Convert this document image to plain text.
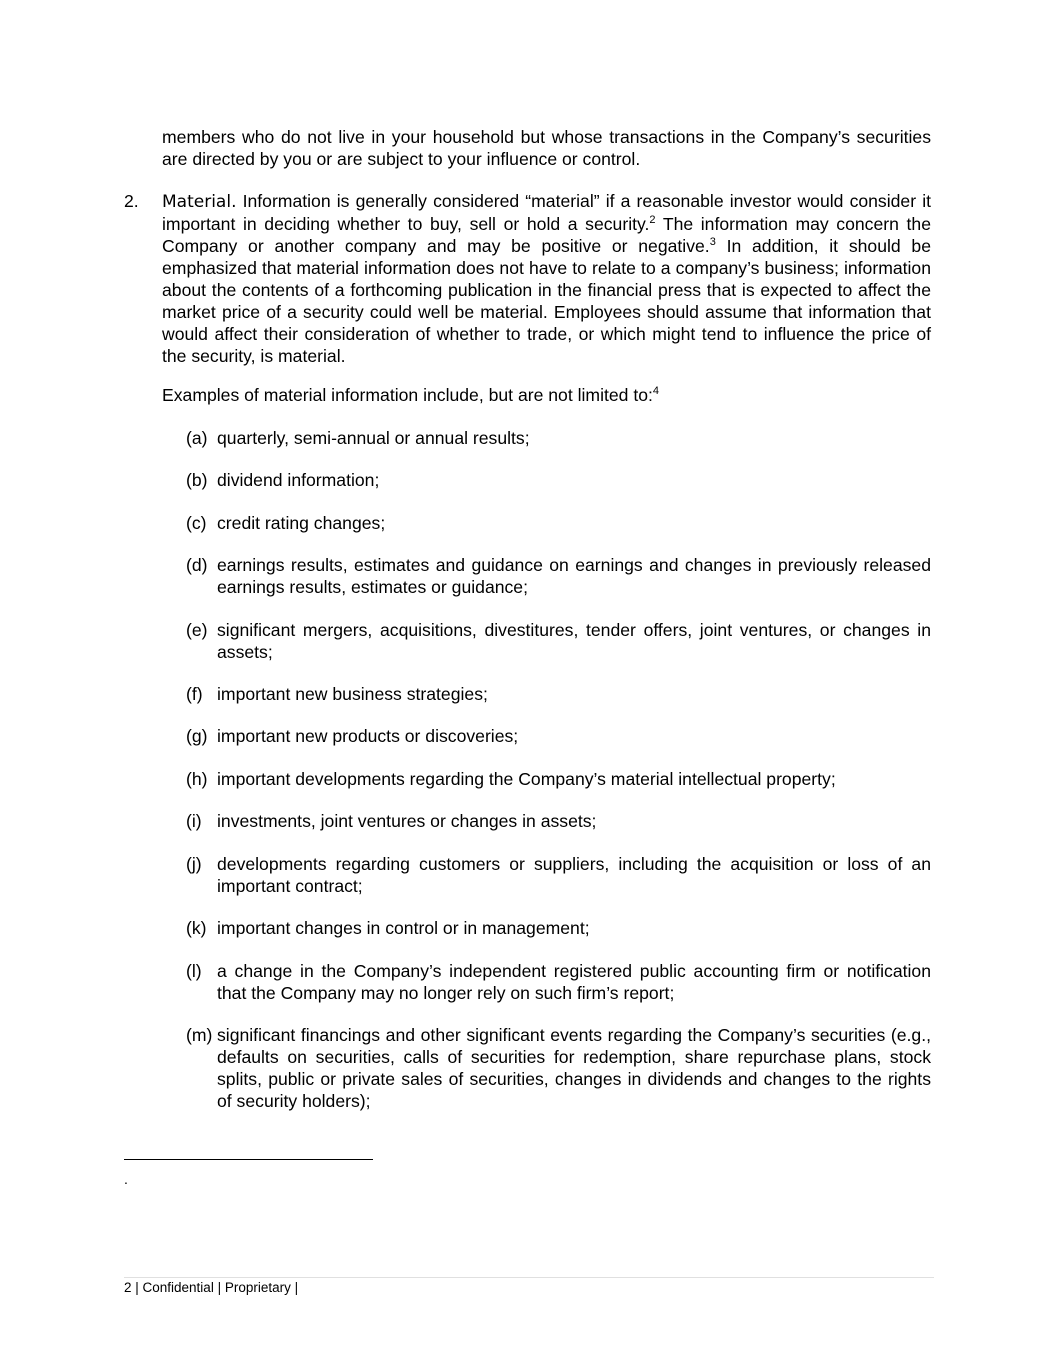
members who do not live in your household but whose transactions in the Company’s securities are directed by you or are subject to your influence or control.

2. Material. Information is generally considered “material” if a reasonable investor would consider it important in deciding whether to buy, sell or hold a security.$^2$ The information may concern the Company or another company and may be positive or negative.$^3$ In addition, it should be emphasized that material information does not have to relate to a company’s business; information about the contents of a forthcoming publication in the financial press that is expected to affect the market price of a security could well be material. Employees should assume that information that would affect their consideration of whether to trade, or which might tend to influence the price of the security, is material.

Examples of material information include, but are not limited to:$^4$

(a) quarterly, semi-annual or annual results;
(b) dividend information;
(c) credit rating changes;
(d) earnings results, estimates and guidance on earnings and changes in previously released earnings results, estimates or guidance;
(e) significant mergers, acquisitions, divestitures, tender offers, joint ventures, or changes in assets;
(f) important new business strategies;
(g) important new products or discoveries;
(h) important developments regarding the Company’s material intellectual property;
(i) investments, joint ventures or changes in assets;
(j) developments regarding customers or suppliers, including the acquisition or loss of an important contract;
(k) important changes in control or in management;
(l) a change in the Company’s independent registered public accounting firm or notification that the Company may no longer rely on such firm’s report;
(m) significant financings and other significant events regarding the Company’s securities (e.g., defaults on securities, calls of securities for redemption, share repurchase plans, stock splits, public or private sales of securities, changes in dividends and changes to the rights of security holders);
.
2 | Confidential | Proprietary |
